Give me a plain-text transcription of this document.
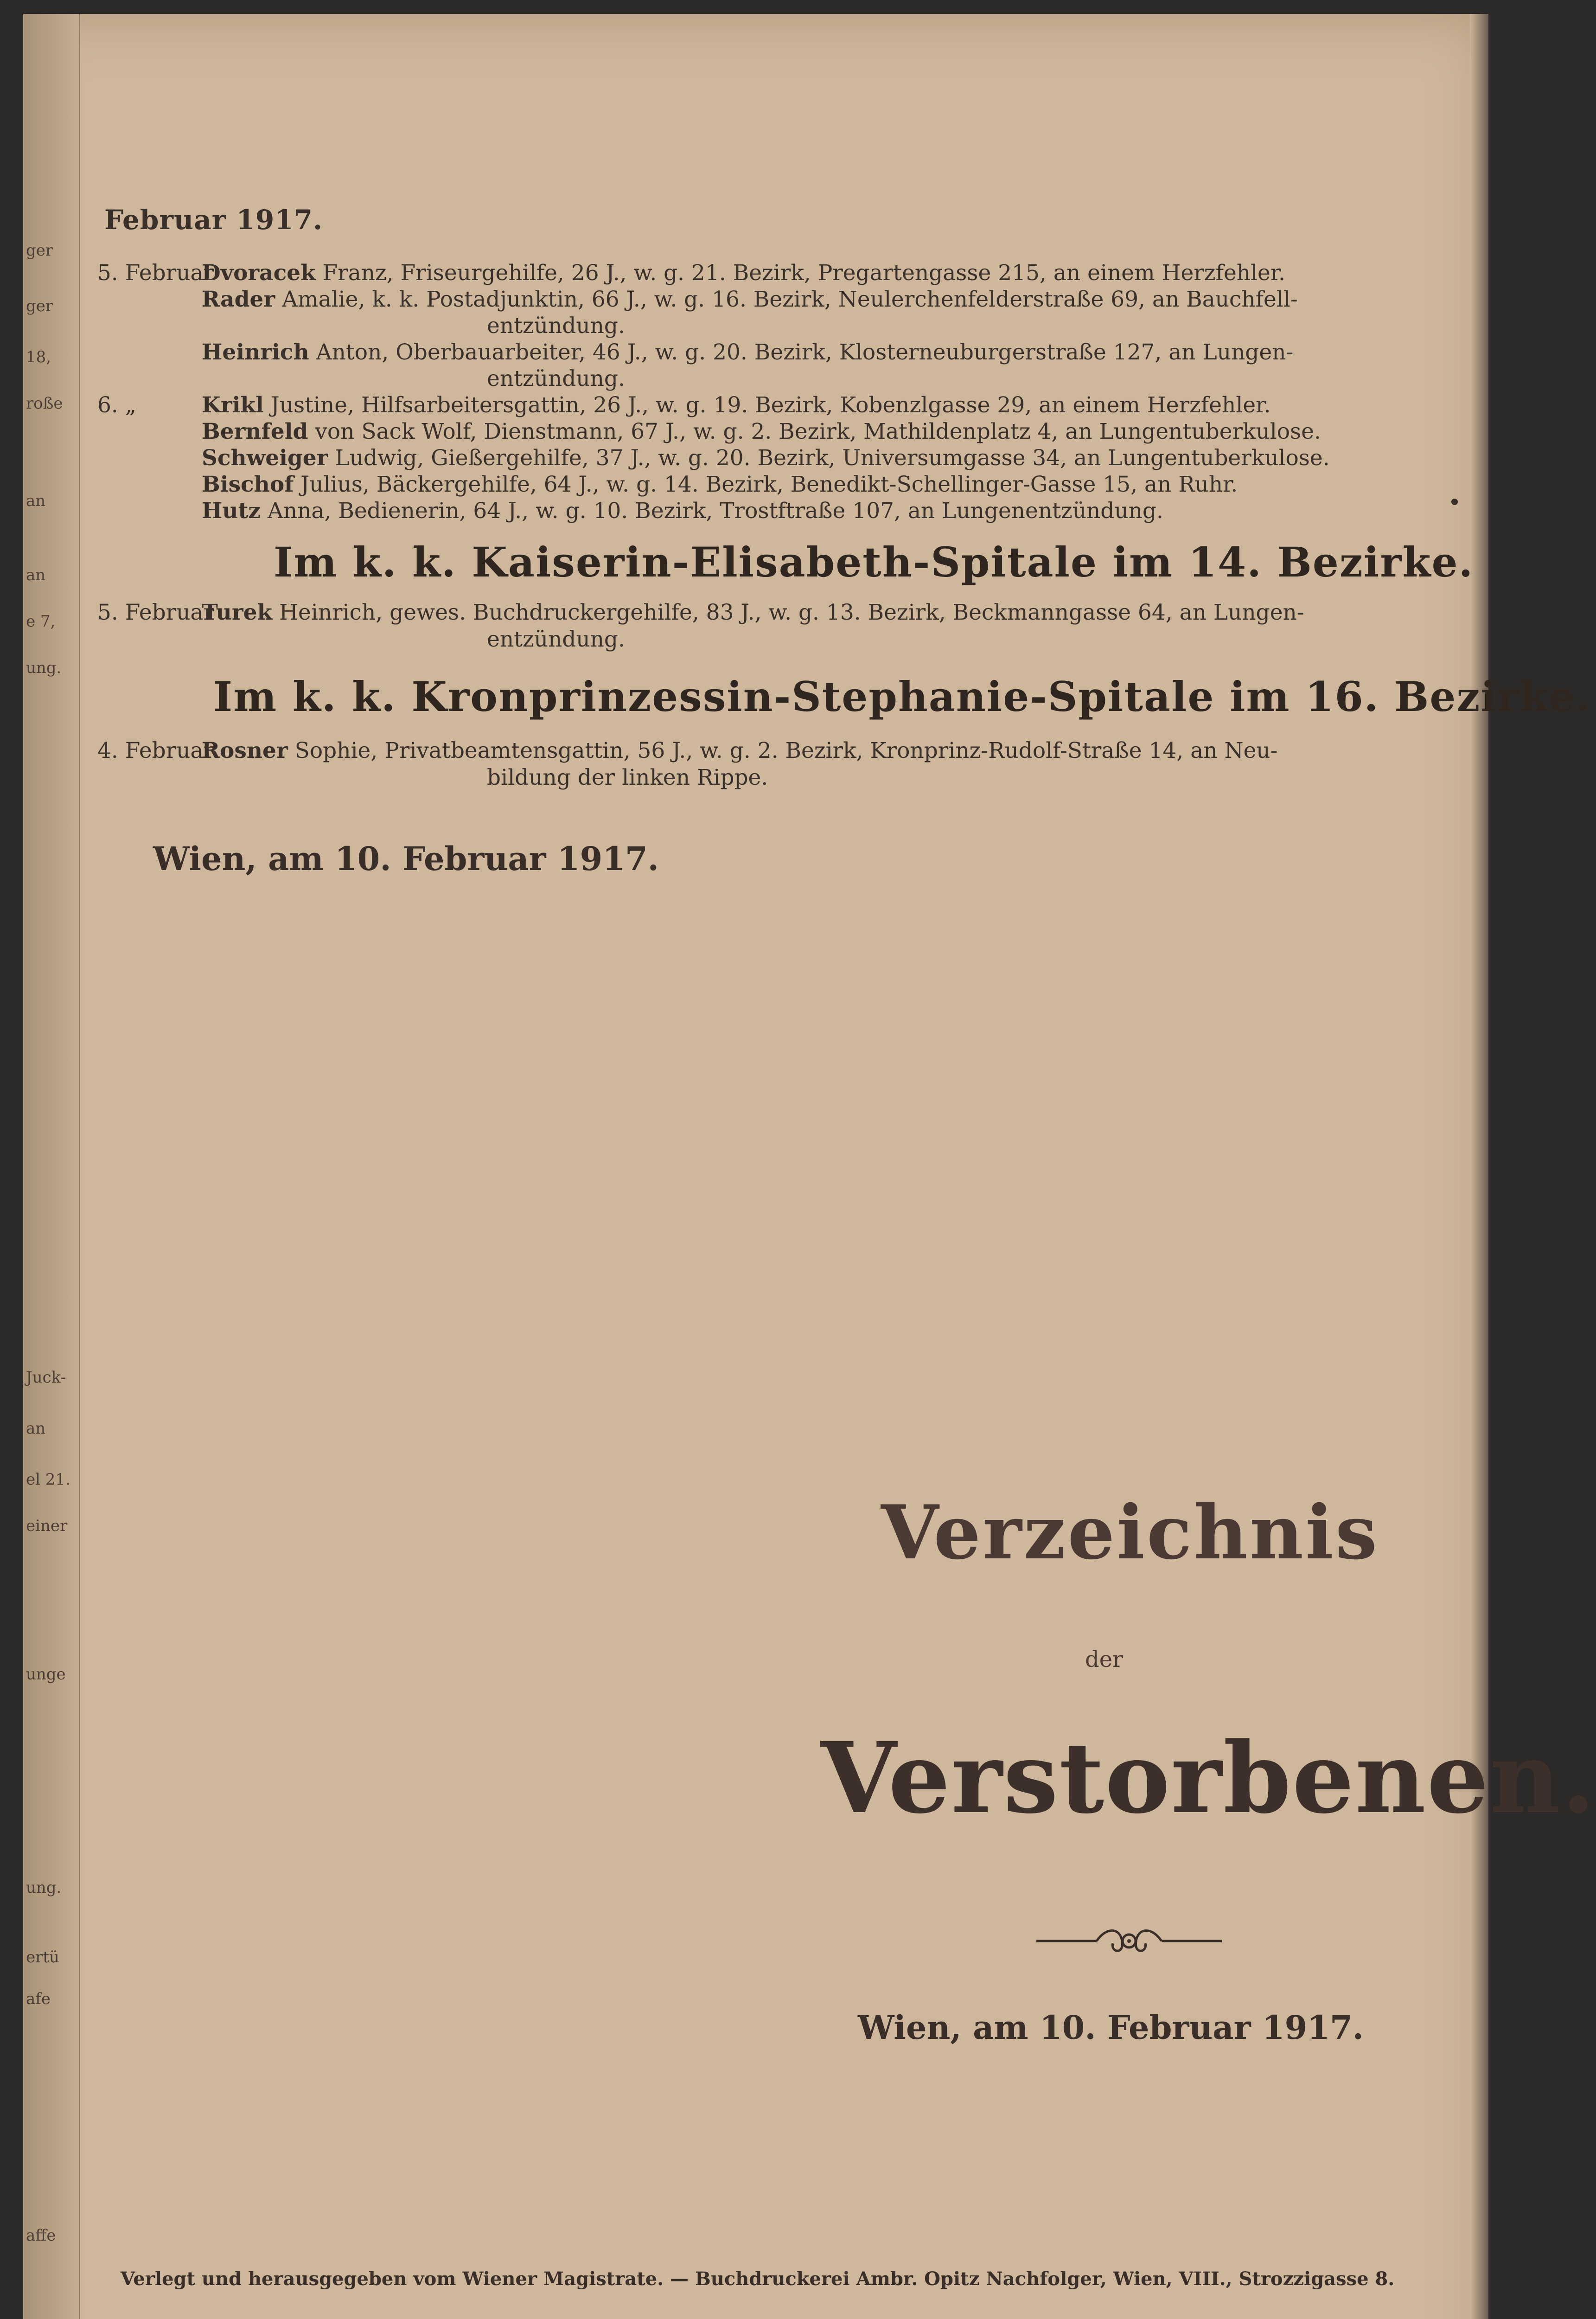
ger
ger
18,
roße
an
an
e 7,
ung.
Juck-
an
el 21.
einer
unge
ung.
ertü
afe
affe
Februar 1917.
5. FebruarDvoracek Franz, Friseurgehilfe, 26 J., w. g. 21. Bezirk, Pregartengasse 215, an einem Herzfehler.
Rader Amalie, k. k. Postadjunktin, 66 J., w. g. 16. Bezirk, Neulerchenfelderstraße 69, an Bauchfell-
entzündung.
Heinrich Anton, Oberbauarbeiter, 46 J., w. g. 20. Bezirk, Klosterneuburgerstraße 127, an Lungen-
entzündung.
6. „	Krikl Justine, Hilfsarbeitersgattin, 26 J., w. g. 19. Bezirk, Kobenzlgasse 29, an einem Herzfehler.
Bernfeld von Sack Wolf, Dienstmann, 67 J., w. g. 2. Bezirk, Mathildenplatz 4, an Lungentuberkulose.
Schweiger Ludwig, Gießergehilfe, 37 J., w. g. 20. Bezirk, Universumgasse 34, an Lungentuberkulose.
Bischof Julius, Bäckergehilfe, 64 J., w. g. 14. Bezirk, Benedikt-Schellinger-Gasse 15, an Ruhr.
Hutz Anna, Bedienerin, 64 J., w. g. 10. Bezirk, Trostftraße 107, an Lungenentzündung.
Im k. k. Kaiserin-Elisabeth-Spitale im 14. Bezirke.
5. FebruarTurek Heinrich, gewes. Buchdruckergehilfe, 83 J., w. g. 13. Bezirk, Beckmanngasse 64, an Lungen-
entzündung.
Im k. k. Kronprinzessin-Stephanie-Spitale im 16. Bezirke.
4. FebruarRosner Sophie, Privatbeamtensgattin, 56 J., w. g. 2. Bezirk, Kronprinz-Rudolf-Straße 14, an Neu-
bildung der linken Rippe.
Wien, am 10. Februar 1917.
Verzeichnis
der
Verstorbenen.
Wien, am 10. Februar 1917.
Verlegt und herausgegeben vom Wiener Magistrate. — Buchdruckerei Ambr. Opitz Nachfolger, Wien, VIII., Strozzigasse 8.
